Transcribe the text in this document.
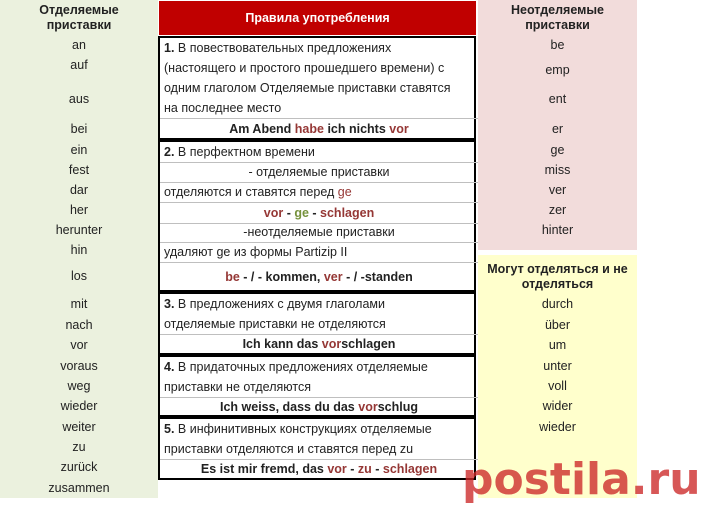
Отделяемые
приставки
an
auf
aus
bei
ein
fest
dar
her
herunter
hin
los
mit
nach
vor
voraus
weg
wieder
weiter
zu
zurück
zusammen
Неотделяемые
приставки
Могут отделяться и не
отделяться
be
emp
ent
er
ge
miss
ver
zer
hinter
durch
über
um
unter
voll
wider
wieder
Правила употребления
1. В повествовательных предложениях
(настоящего и простого прошедшего времени) с
одним глаголом Отделяемые приставки ставятся
на последнее место
Am Abend habe ich nichts vor
2. В перфектном времени
- отделяемые приставки
отделяются и ставятся перед ge
vor - ge - schlagen
-неотделяемые приставки
удаляют ge из формы Partizip II
be - / - kommen, ver - / -standen
3. В предложениях с двумя глаголами
отделяемые приставки не отделяются
Ich kann das vorschlagen
4. В придаточных предложениях отделяемые
приставки не отделяются
Ich weiss, dass du das vorschlug
5. В инфинитивных конструкциях отделяемые
приставки отделяются и ставятся перед zu
Es ist mir fremd, das vor - zu - schlagen postila.ru
